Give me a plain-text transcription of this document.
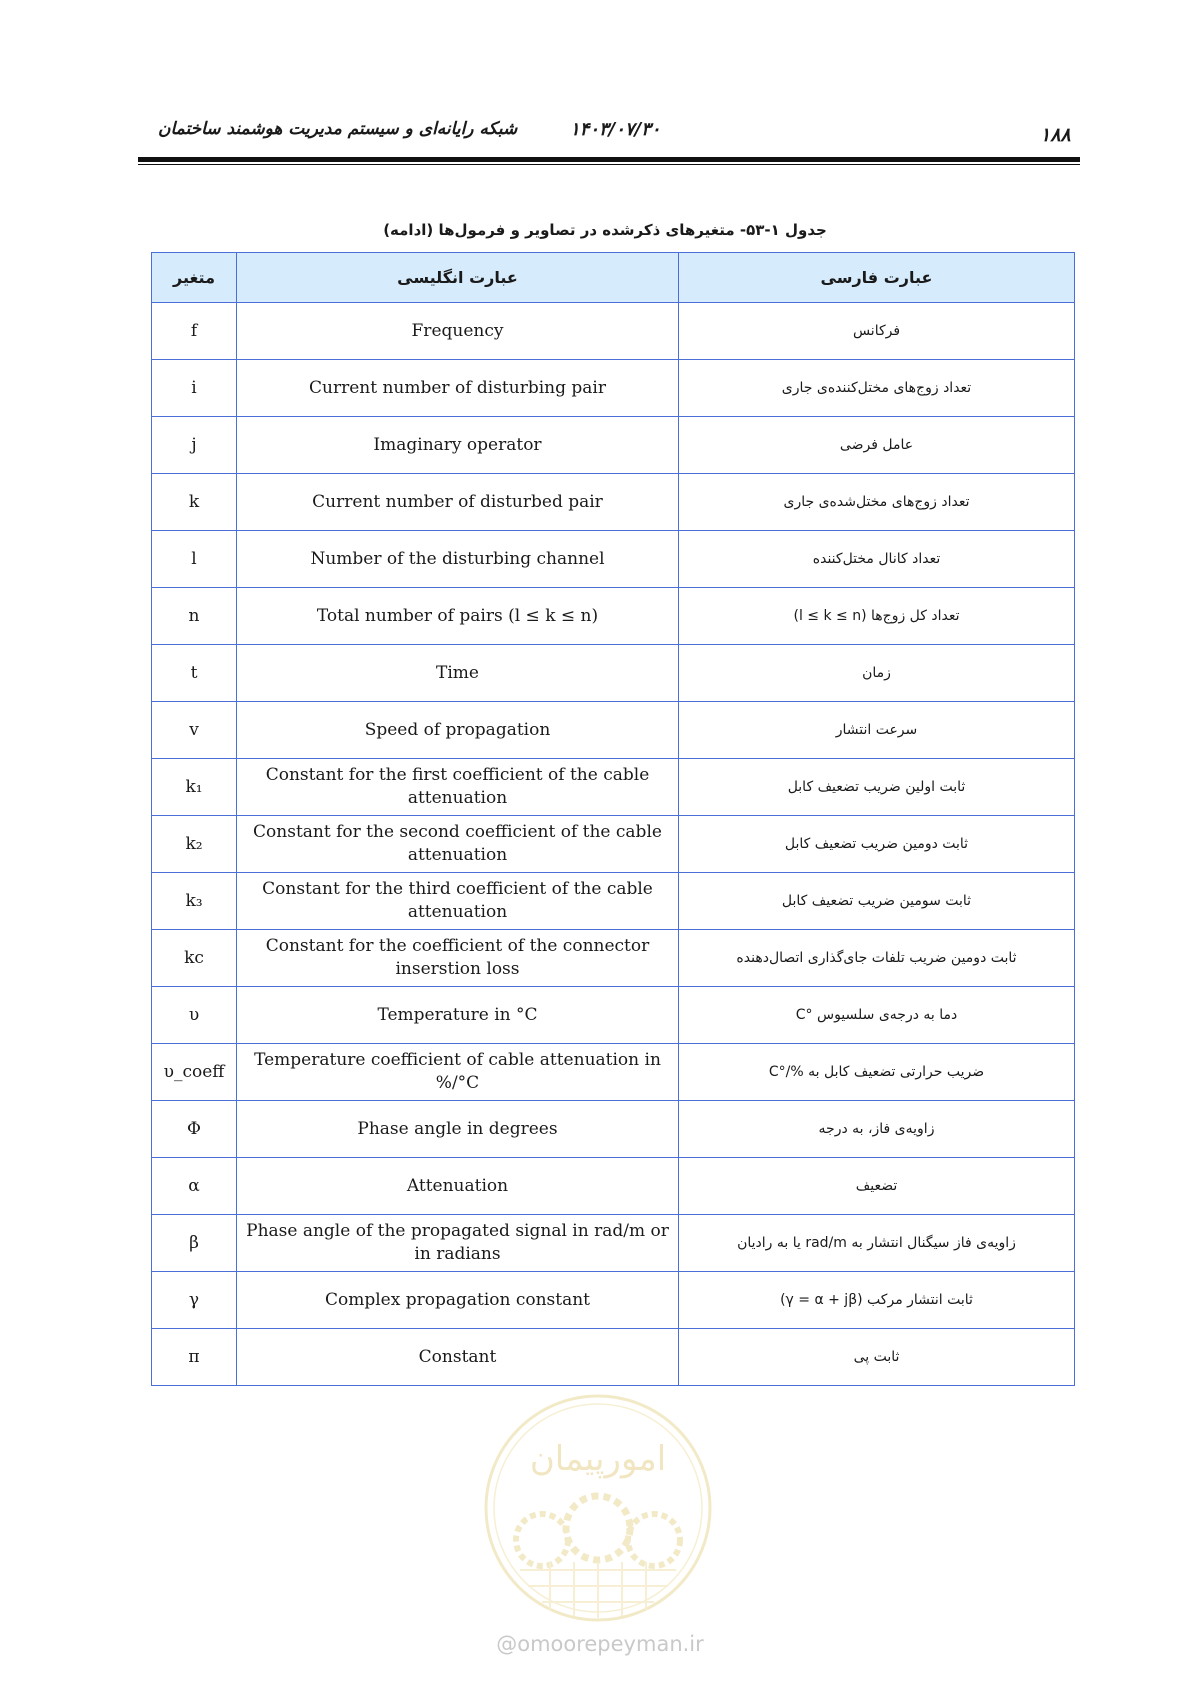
۱۸۸
۱۴۰۳/۰۷/۳۰
شبکه رایانه‌ای و سیستم مدیریت هوشمند ساختمان
جدول ۱-۵۳- متغیرهای ذکرشده در تصاویر و فرمول‌ها (ادامه)
متغیر	عبارت انگلیسی	عبارت فارسی
f	Frequency	فرکانس
i	Current number of disturbing pair	تعداد زوج‌های مختل‌کننده‌ی جاری
j	Imaginary operator	عامل فرضی
k	Current number of disturbed pair	تعداد زوج‌های مختل‌شده‌ی جاری
l	Number of the disturbing channel	تعداد کانال مختل‌کننده
n	Total number of pairs (l ≤ k ≤ n)	تعداد کل زوج‌ها (l ≤ k ≤ n)
t	Time	زمان
v	Speed of propagation	سرعت انتشار
k₁	Constant for the first coefficient of the cable attenuation	ثابت اولین ضریب تضعیف کابل
k₂	Constant for the second coefficient of the cable attenuation	ثابت دومین ضریب تضعیف کابل
k₃	Constant for the third coefficient of the cable attenuation	ثابت سومین ضریب تضعیف کابل
kc	Constant for the coefficient of the connector inserstion loss	ثابت دومین ضریب تلفات جای‌گذاری اتصال‌دهنده
υ	Temperature in °C	دما به درجه‌ی سلسیوس °C
υ_coeff	Temperature coefficient of cable attenuation in %/°C	ضریب حرارتی تضعیف کابل به %/°C
Φ	Phase angle in degrees	زاویه‌ی فاز، به درجه
α	Attenuation	تضعیف
β	Phase angle of the propagated signal in rad/m or in radians	زاویه‌ی فاز سیگنال انتشار به rad/m یا به رادیان
γ	Complex propagation constant	ثابت انتشار مرکب (γ = α + jβ)
π	Constant	ثابت پی
امورپیمان
@omoorepeyman.ir
